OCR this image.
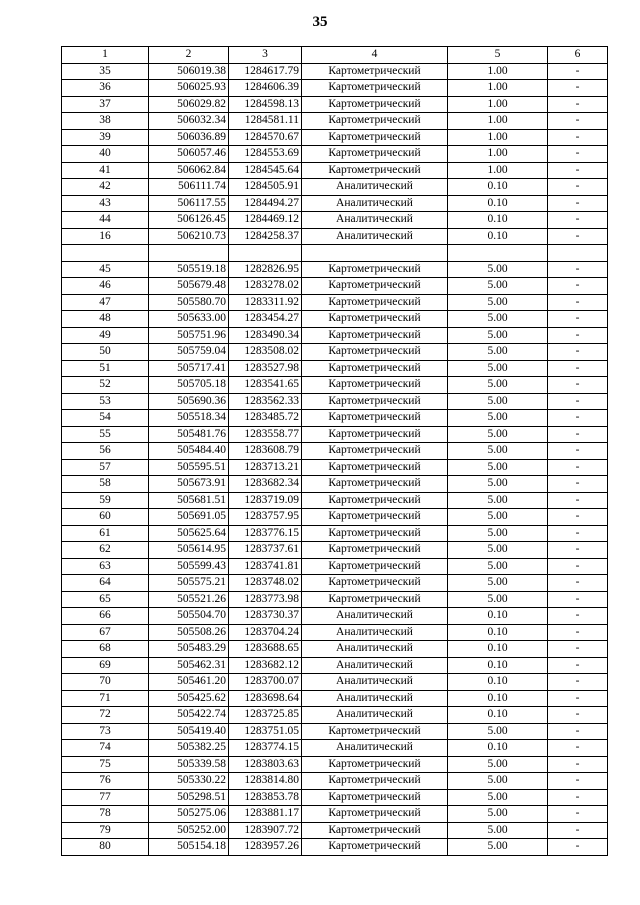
35
1	2	3	4	5	6
35	506019.38	1284617.79	Картометрический	1.00	-
36	506025.93	1284606.39	Картометрический	1.00	-
37	506029.82	1284598.13	Картометрический	1.00	-
38	506032.34	1284581.11	Картометрический	1.00	-
39	506036.89	1284570.67	Картометрический	1.00	-
40	506057.46	1284553.69	Картометрический	1.00	-
41	506062.84	1284545.64	Картометрический	1.00	-
42	506111.74	1284505.91	Аналитический	0.10	-
43	506117.55	1284494.27	Аналитический	0.10	-
44	506126.45	1284469.12	Аналитический	0.10	-
16	506210.73	1284258.37	Аналитический	0.10	-

45	505519.18	1282826.95	Картометрический	5.00	-
46	505679.48	1283278.02	Картометрический	5.00	-
47	505580.70	1283311.92	Картометрический	5.00	-
48	505633.00	1283454.27	Картометрический	5.00	-
49	505751.96	1283490.34	Картометрический	5.00	-
50	505759.04	1283508.02	Картометрический	5.00	-
51	505717.41	1283527.98	Картометрический	5.00	-
52	505705.18	1283541.65	Картометрический	5.00	-
53	505690.36	1283562.33	Картометрический	5.00	-
54	505518.34	1283485.72	Картометрический	5.00	-
55	505481.76	1283558.77	Картометрический	5.00	-
56	505484.40	1283608.79	Картометрический	5.00	-
57	505595.51	1283713.21	Картометрический	5.00	-
58	505673.91	1283682.34	Картометрический	5.00	-
59	505681.51	1283719.09	Картометрический	5.00	-
60	505691.05	1283757.95	Картометрический	5.00	-
61	505625.64	1283776.15	Картометрический	5.00	-
62	505614.95	1283737.61	Картометрический	5.00	-
63	505599.43	1283741.81	Картометрический	5.00	-
64	505575.21	1283748.02	Картометрический	5.00	-
65	505521.26	1283773.98	Картометрический	5.00	-
66	505504.70	1283730.37	Аналитический	0.10	-
67	505508.26	1283704.24	Аналитический	0.10	-
68	505483.29	1283688.65	Аналитический	0.10	-
69	505462.31	1283682.12	Аналитический	0.10	-
70	505461.20	1283700.07	Аналитический	0.10	-
71	505425.62	1283698.64	Аналитический	0.10	-
72	505422.74	1283725.85	Аналитический	0.10	-
73	505419.40	1283751.05	Картометрический	5.00	-
74	505382.25	1283774.15	Аналитический	0.10	-
75	505339.58	1283803.63	Картометрический	5.00	-
76	505330.22	1283814.80	Картометрический	5.00	-
77	505298.51	1283853.78	Картометрический	5.00	-
78	505275.06	1283881.17	Картометрический	5.00	-
79	505252.00	1283907.72	Картометрический	5.00	-
80	505154.18	1283957.26	Картометрический	5.00	-
